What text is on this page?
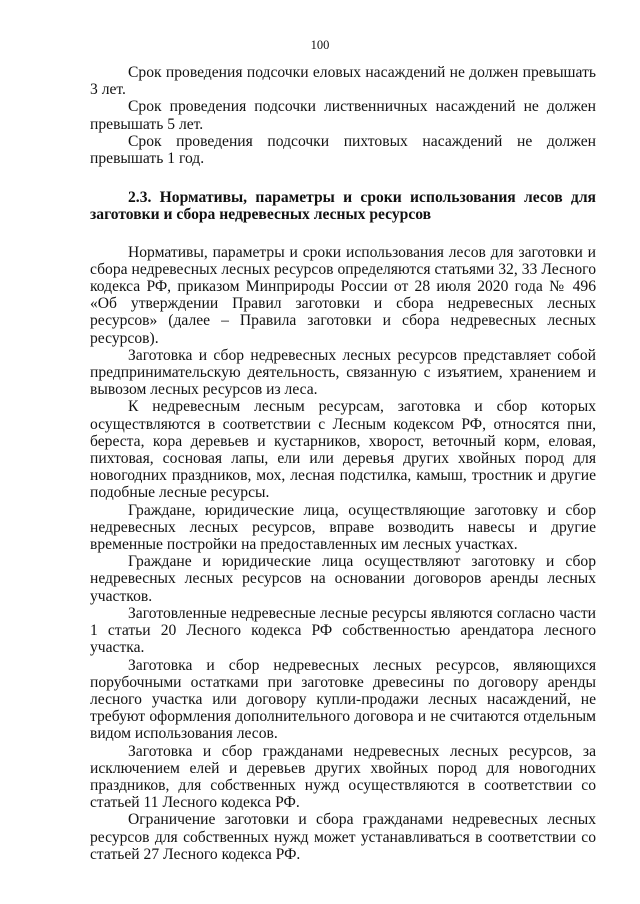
100

Срок проведения подсочки еловых насаждений не должен превышать 3 лет.

Срок проведения подсочки лиственничных насаждений не должен превышать 5 лет.

Срок проведения подсочки пихтовых насаждений не должен превышать 1 год.

2.3. Нормативы, параметры и сроки использования лесов для заготовки и сбора недревесных лесных ресурсов

Нормативы, параметры и сроки использования лесов для заготовки и сбора недревесных лесных ресурсов определяются статьями 32, 33 Лесного кодекса РФ, приказом Минприроды России от 28 июля 2020 года № 496 «Об утверждении Правил заготовки и сбора недревесных лесных ресурсов» (далее – Правила заготовки и сбора недревесных лесных ресурсов).

Заготовка и сбор недревесных лесных ресурсов представляет собой предпринимательскую деятельность, связанную с изъятием, хранением и вывозом лесных ресурсов из леса.

К недревесным лесным ресурсам, заготовка и сбор которых осуществляются в соответствии с Лесным кодексом РФ, относятся пни, береста, кора деревьев и кустарников, хворост, веточный корм, еловая, пихтовая, сосновая лапы, ели или деревья других хвойных пород для новогодних праздников, мох, лесная подстилка, камыш, тростник и другие подобные лесные ресурсы.

Граждане, юридические лица, осуществляющие заготовку и сбор недревесных лесных ресурсов, вправе возводить навесы и другие временные постройки на предоставленных им лесных участках.

Граждане и юридические лица осуществляют заготовку и сбор недревесных лесных ресурсов на основании договоров аренды лесных участков.

Заготовленные недревесные лесные ресурсы являются согласно части 1 статьи 20 Лесного кодекса РФ собственностью арендатора лесного участка.

Заготовка и сбор недревесных лесных ресурсов, являющихся порубочными остатками при заготовке древесины по договору аренды лесного участка или договору купли-продажи лесных насаждений, не требуют оформления дополнительного договора и не считаются отдельным видом использования лесов.

Заготовка и сбор гражданами недревесных лесных ресурсов, за исключением елей и деревьев других хвойных пород для новогодних праздников, для собственных нужд осуществляются в соответствии со статьей 11 Лесного кодекса РФ.

Ограничение заготовки и сбора гражданами недревесных лесных ресурсов для собственных нужд может устанавливаться в соответствии со статьей 27 Лесного кодекса РФ.
